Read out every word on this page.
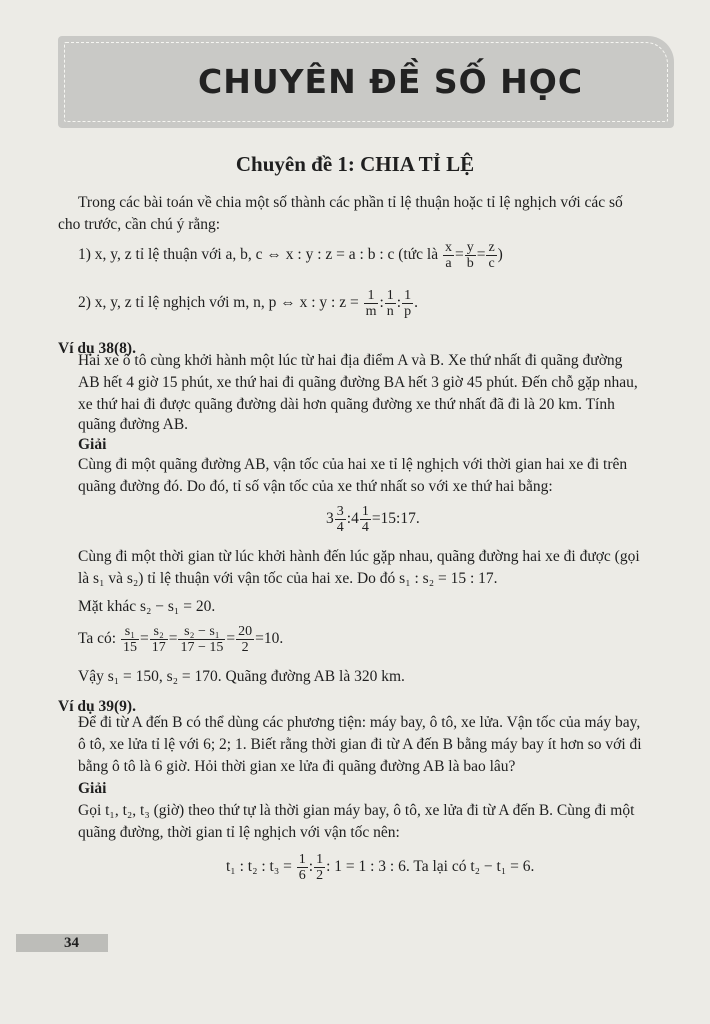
CHUYÊN ĐỀ SỐ HỌC
Chuyên đề 1: CHIA TỈ LỆ
Trong các bài toán về chia một số thành các phần tỉ lệ thuận hoặc tỉ lệ nghịch với các số
cho trước, cần chú ý rằng:
1) x, y, z tỉ lệ thuận với a, b, c ⇔ x : y : z = a : b : c (tức là $\frac{x}{a} = \frac{y}{b} = \frac{z}{c}$ )
2) x, y, z tỉ lệ nghịch với m, n, p ⇔ x : y : $z = \frac{1}{m}$ : $\frac{1}{n}$ : $\frac{1}{p}$ .
Ví dụ 38(8).
Hai xe ô tô cùng khởi hành một lúc từ hai địa điểm A và B. Xe thứ nhất đi quãng đường
AB hết 4 giờ 15 phút, xe thứ hai đi quãng đường BA hết 3 giờ 45 phút. Đến chỗ gặp nhau,
xe thứ hai đi được quãng đường dài hơn quãng đường xe thứ nhất đã đi là 20 km. Tính
quãng đường AB.
Giải
Cùng đi một quãng đường AB, vận tốc của hai xe tỉ lệ nghịch với thời gian hai xe đi trên
quãng đường đó. Do đó, tỉ số vận tốc của xe thứ nhất so với xe thứ hai bằng:
$3 \frac{3}{4}$ :4 $\frac{1}{4}$ =15:17.
Cùng đi một thời gian từ lúc khởi hành đến lúc gặp nhau, quãng đường hai xe đi được (gọi
là s₁ và s₂) tỉ lệ thuận với vận tốc của hai xe. Do đó s₁ : s₂ = 15 : 17.
Mặt khác s₂ − s₁ = 20.
Ta có: $\frac{\text{s₁}}{15} = \frac{\text{s₂}}{17} = \frac{\text{s₂ − s₁}}{17 - 15} = \frac{20}{2} =10$.
Vậy s₁ = 150, s₂ = 170. Quãng đường AB là 320 km.
Ví dụ 39(9).
Để đi từ A đến B có thể dùng các phương tiện: máy bay, ô tô, xe lửa. Vận tốc của máy bay,
ô tô, xe lửa tỉ lệ với 6; 2; 1. Biết rằng thời gian đi từ A đến B bằng máy bay ít hơn so với đi
bằng ô tô là 6 giờ. Hỏi thời gian xe lửa đi quãng đường AB là bao lâu?
Giải
Gọi t₁, t₂, t₃ (giờ) theo thứ tự là thời gian máy bay, ô tô, xe lửa đi từ A đến B. Cùng đi một
quãng đường, thời gian tỉ lệ nghịch với vận tốc nên:
t₁ : t₂ : $t_3 = \frac{1}{6}$ : $\frac{1}{2}$ : 1 = 1 : 3 : 6. Ta lại có t₂ − t₁ = 6.
34
